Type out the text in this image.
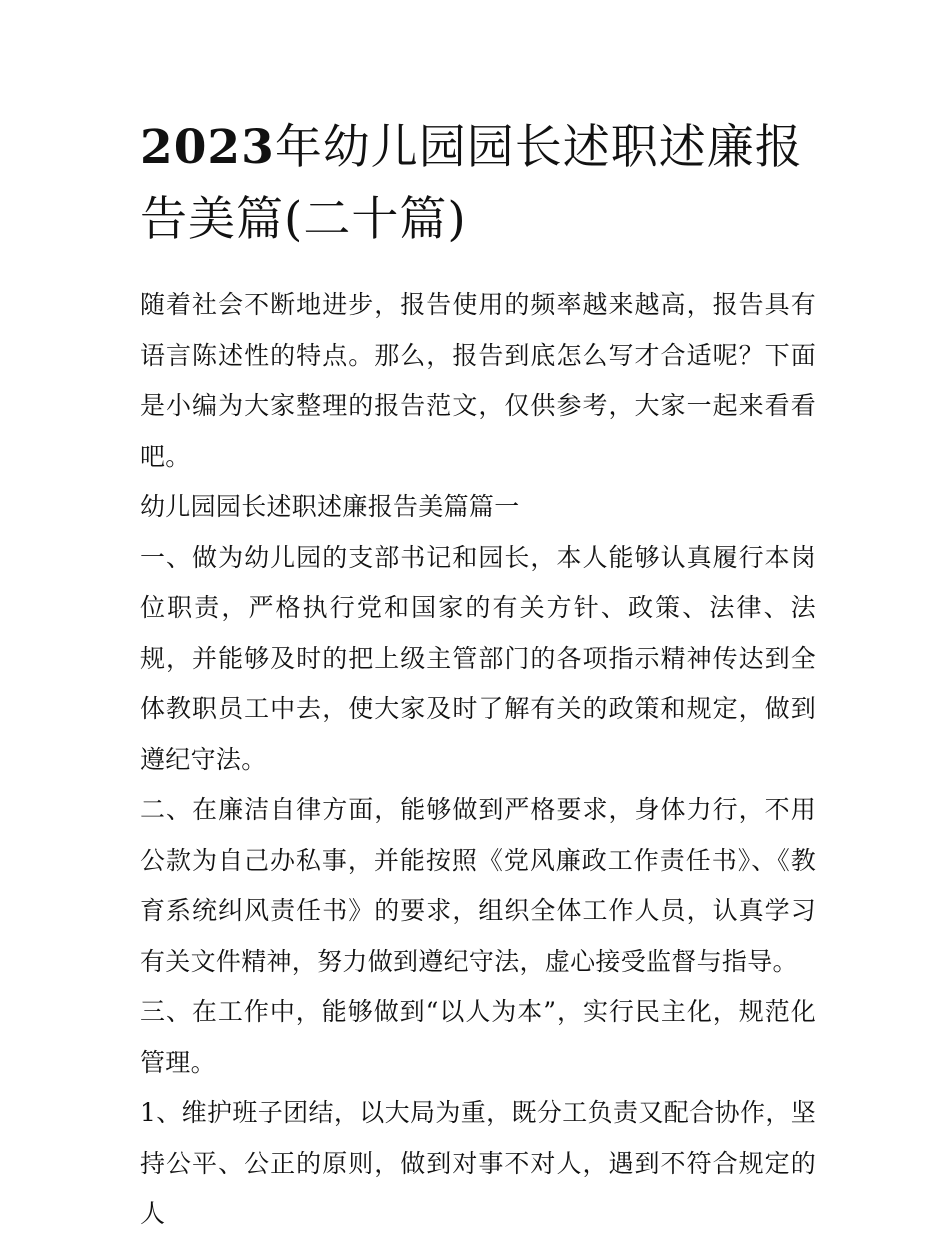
2023年幼儿园园长述职述廉报告美篇(二十篇)

随着社会不断地进步，报告使用的频率越来越高，报告具有语言陈述性的特点。那么，报告到底怎么写才合适呢？下面是小编为大家整理的报告范文，仅供参考，大家一起来看看吧。

幼儿园园长述职述廉报告美篇篇一

一、做为幼儿园的支部书记和园长，本人能够认真履行本岗位职责，严格执行党和国家的有关方针、政策、法律、法规，并能够及时的把上级主管部门的各项指示精神传达到全体教职员工中去，使大家及时了解有关的政策和规定，做到遵纪守法。

二、在廉洁自律方面，能够做到严格要求，身体力行，不用公款为自己办私事，并能按照《党风廉政工作责任书》、《教育系统纠风责任书》的要求，组织全体工作人员，认真学习有关文件精神，努力做到遵纪守法，虚心接受监督与指导。

三、在工作中，能够做到“以人为本”，实行民主化，规范化管理。

1、维护班子团结，以大局为重，既分工负责又配合协作，坚持公平、公正的原则，做到对事不对人，遇到不符合规定的人
